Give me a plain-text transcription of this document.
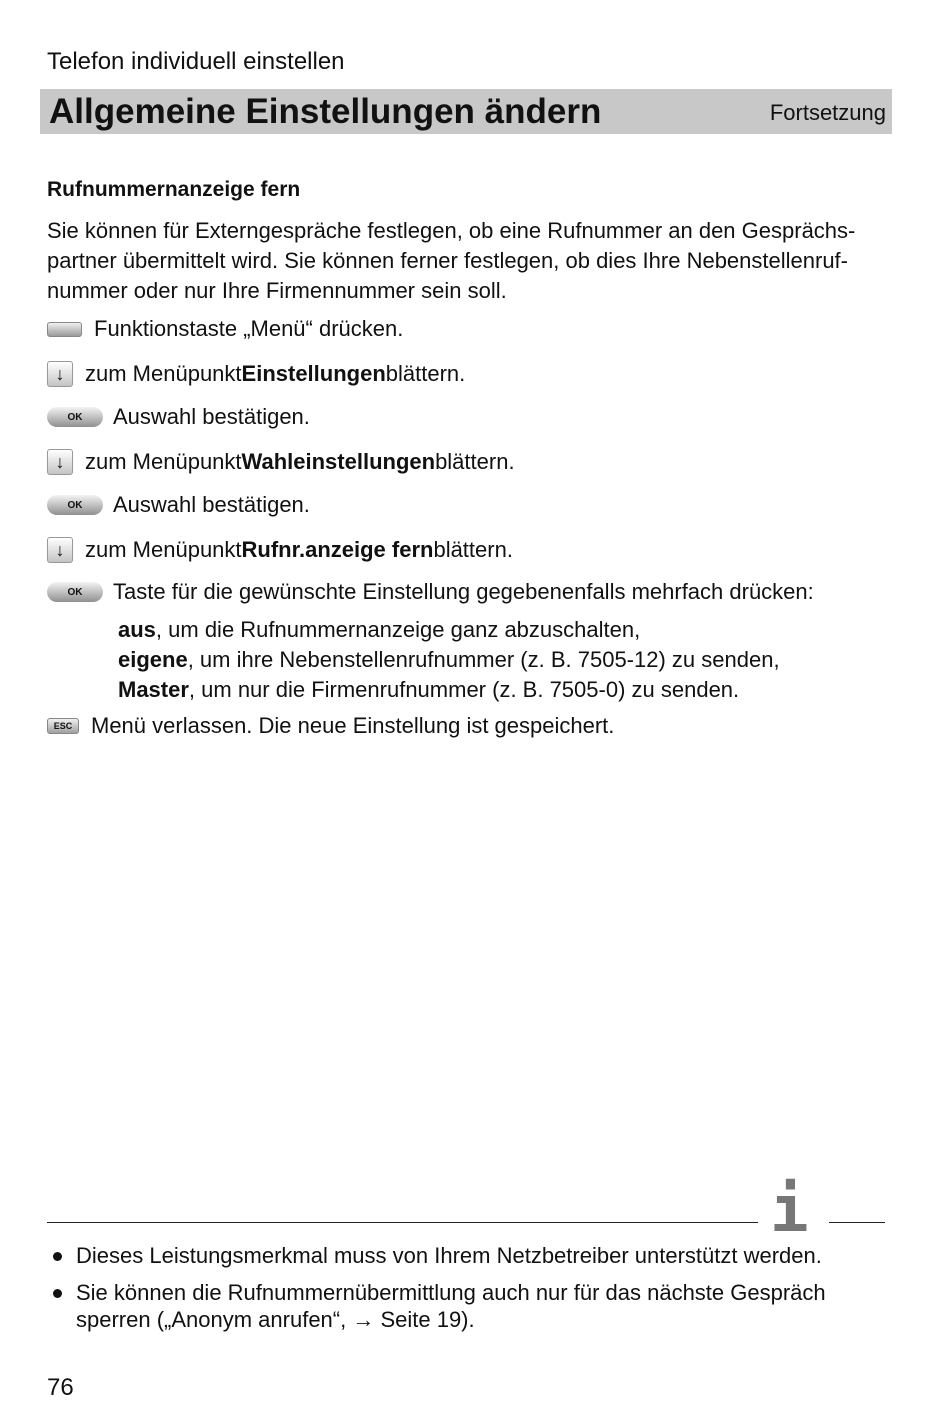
Telefon individuell einstellen
Allgemeine Einstellungen ändern	Fortsetzung
Rufnummernanzeige fern
Sie können für Externgespräche festlegen, ob eine Rufnummer an den Gesprächs-
partner übermittelt wird. Sie können ferner festlegen, ob dies Ihre Nebenstellenruf-
nummer oder nur Ihre Firmennummer sein soll.
Funktionstaste „Menü“ drücken.
↓ zum Menüpunkt Einstellungen blättern.
OK	Auswahl bestätigen.
↓ zum Menüpunkt Wahleinstellungen blättern.
OK	Auswahl bestätigen.
↓ zum Menüpunkt Rufnr.anzeige fern blättern.
OK	Taste für die gewünschte Einstellung gegebenenfalls mehrfach drücken:
aus, um die Rufnummernanzeige ganz abzuschalten,
eigene, um ihre Nebenstellenrufnummer (z. B. 7505-12) zu senden,
Master, um nur die Firmenrufnummer (z. B. 7505-0) zu senden.
ESC Menü verlassen. Die neue Einstellung ist gespeichert.
i
Dieses Leistungsmerkmal muss von Ihrem Netzbetreiber unterstützt werden.
Sie können die Rufnummernübermittlung auch nur für das nächste Gespräch
sperren („Anonym anrufen“, → Seite 19).
76
